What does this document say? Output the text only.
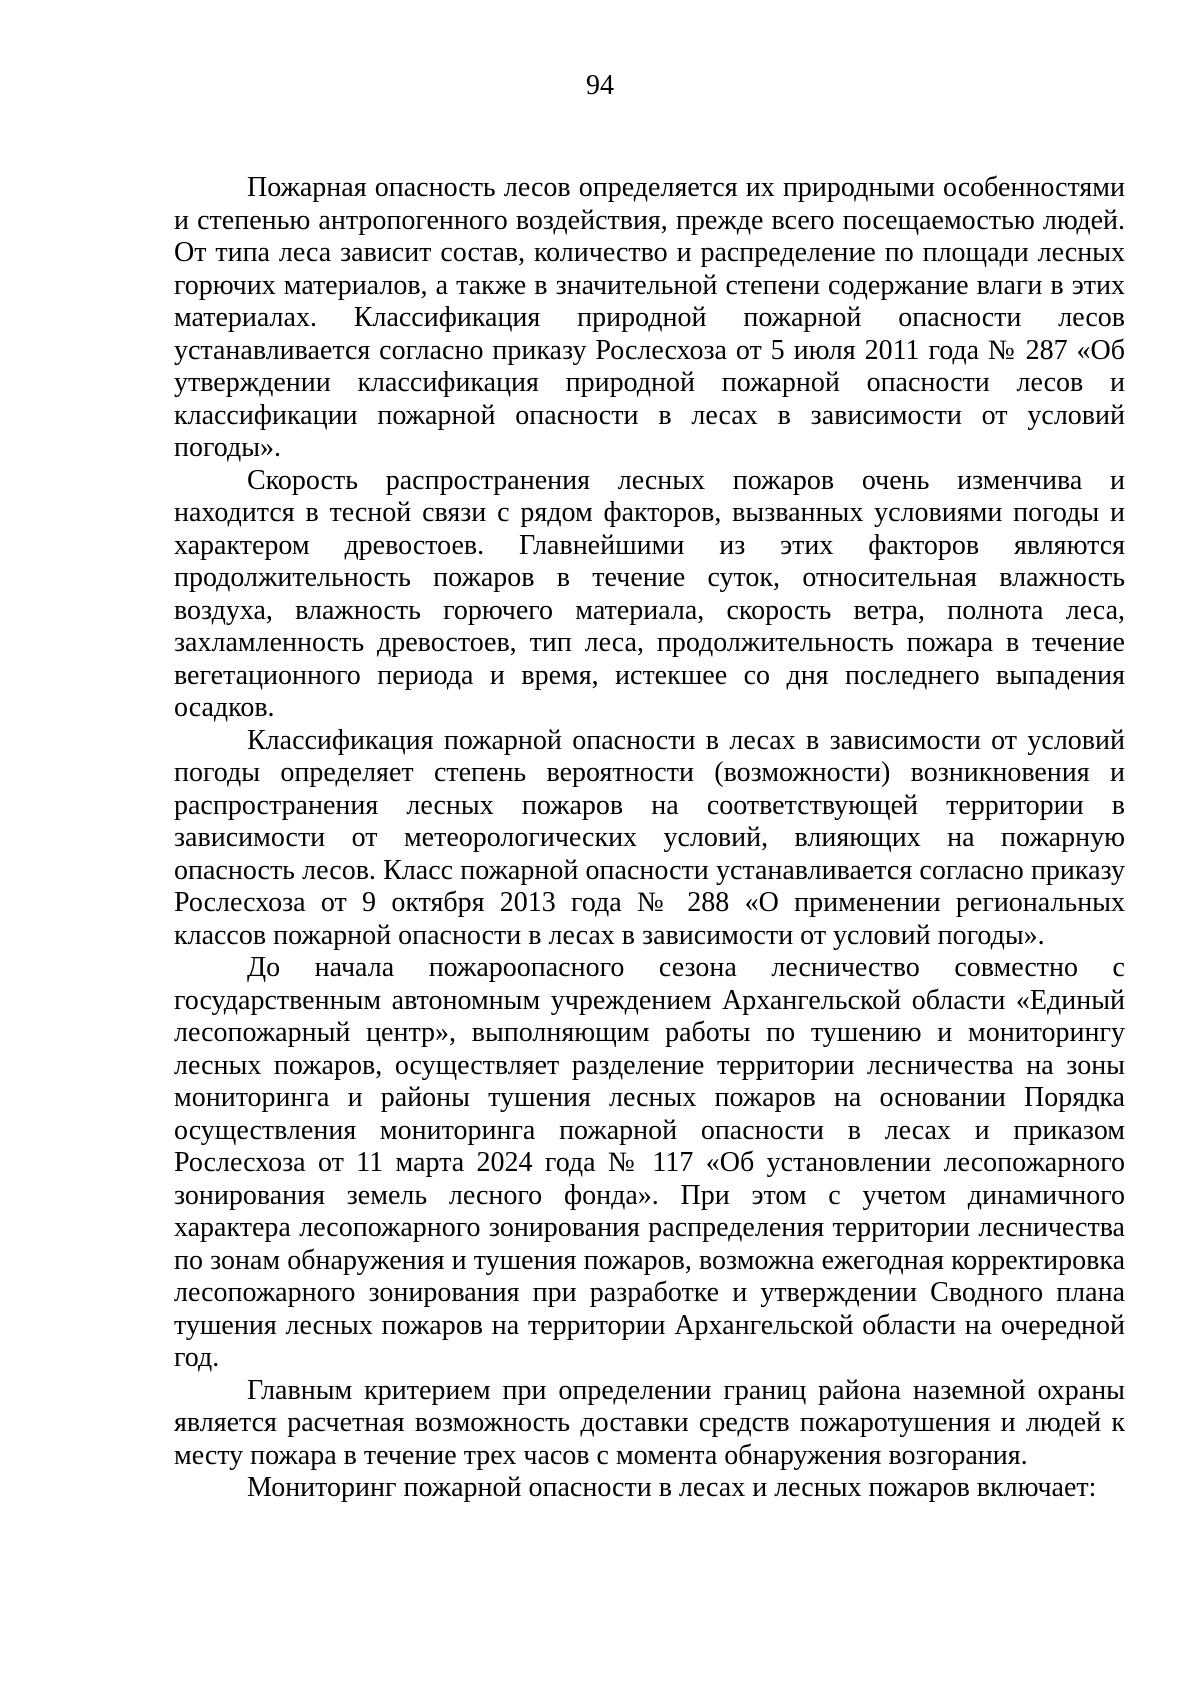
94

Пожарная опасность лесов определяется их природными особенностями и степенью антропогенного воздействия, прежде всего посещаемостью людей. От типа леса зависит состав, количество и распределение по площади лесных горючих материалов, а также в значительной степени содержание влаги в этих материалах. Классификация природной пожарной опасности лесов устанавливается согласно приказу Рослесхоза от 5 июля 2011 года № 287 «Об утверждении классификация природной пожарной опасности лесов и классификации пожарной опасности в лесах в зависимости от условий погоды».

Скорость распространения лесных пожаров очень изменчива и находится в тесной связи с рядом факторов, вызванных условиями погоды и характером древостоев. Главнейшими из этих факторов являются продолжительность пожаров в течение суток, относительная влажность воздуха, влажность горючего материала, скорость ветра, полнота леса, захламленность древостоев, тип леса, продолжительность пожара в течение вегетационного периода и время, истекшее со дня последнего выпадения осадков.

Классификация пожарной опасности в лесах в зависимости от условий погоды определяет степень вероятности (возможности) возникновения и распространения лесных пожаров на соответствующей территории в зависимости от метеорологических условий, влияющих на пожарную опасность лесов. Класс пожарной опасности устанавливается согласно приказу Рослесхоза от 9 октября 2013 года № 288 «О применении региональных классов пожарной опасности в лесах в зависимости от условий погоды».

До начала пожароопасного сезона лесничество совместно с государственным автономным учреждением Архангельской области «Единый лесопожарный центр», выполняющим работы по тушению и мониторингу лесных пожаров, осуществляет разделение территории лесничества на зоны мониторинга и районы тушения лесных пожаров на основании Порядка осуществления мониторинга пожарной опасности в лесах и приказом Рослесхоза от 11 марта 2024 года № 117 «Об установлении лесопожарного зонирования земель лесного фонда». При этом с учетом динамичного характера лесопожарного зонирования распределения территории лесничества по зонам обнаружения и тушения пожаров, возможна ежегодная корректировка лесопожарного зонирования при разработке и утверждении Сводного плана тушения лесных пожаров на территории Архангельской области на очередной год.

Главным критерием при определении границ района наземной охраны является расчетная возможность доставки средств пожаротушения и людей к месту пожара в течение трех часов с момента обнаружения возгорания.

Мониторинг пожарной опасности в лесах и лесных пожаров включает:
